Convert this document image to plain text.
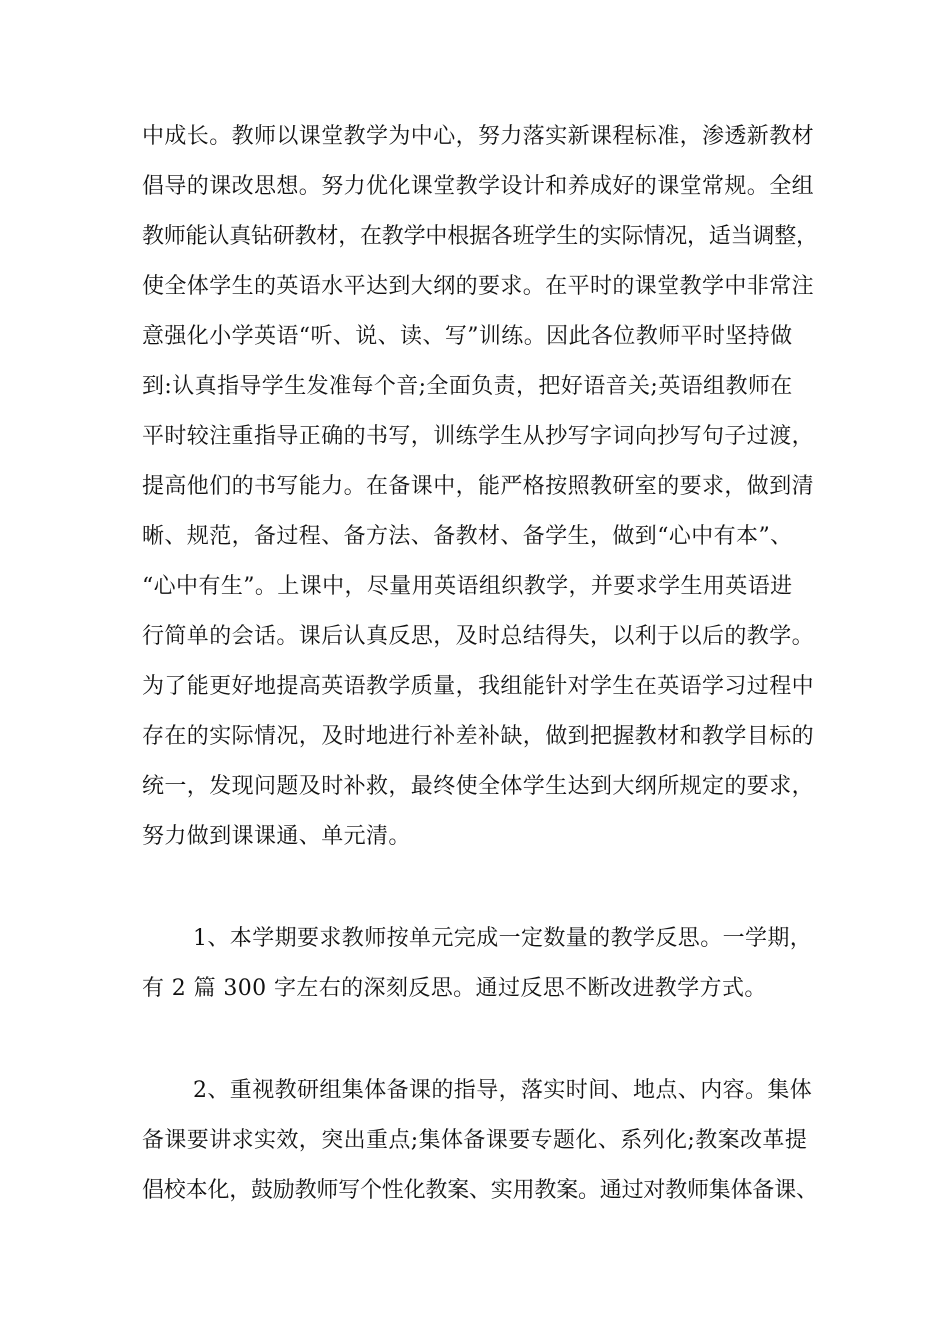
中成长。教师以课堂教学为中心，努力落实新课程标准，渗透新教材
倡导的课改思想。努力优化课堂教学设计和养成好的课堂常规。全组
教师能认真钻研教材，在教学中根据各班学生的实际情况，适当调整，
使全体学生的英语水平达到大纲的要求。在平时的课堂教学中非常注
意强化小学英语“听、说、读、写”训练。因此各位教师平时坚持做
到:认真指导学生发准每个音;全面负责，把好语音关;英语组教师在
平时较注重指导正确的书写，训练学生从抄写字词向抄写句子过渡，
提高他们的书写能力。在备课中，能严格按照教研室的要求，做到清
晰、规范，备过程、备方法、备教材、备学生，做到“心中有本”、
“心中有生”。上课中，尽量用英语组织教学，并要求学生用英语进
行简单的会话。课后认真反思，及时总结得失，以利于以后的教学。
为了能更好地提高英语教学质量，我组能针对学生在英语学习过程中
存在的实际情况，及时地进行补差补缺，做到把握教材和教学目标的
统一，发现问题及时补救，最终使全体学生达到大纲所规定的要求，
努力做到课课通、单元清。
1、本学期要求教师按单元完成一定数量的教学反思。一学期，
有 2 篇 300 字左右的深刻反思。通过反思不断改进教学方式。
2、重视教研组集体备课的指导，落实时间、地点、内容。集体
备课要讲求实效，突出重点;集体备课要专题化、系列化;教案改革提
倡校本化，鼓励教师写个性化教案、实用教案。通过对教师集体备课、
